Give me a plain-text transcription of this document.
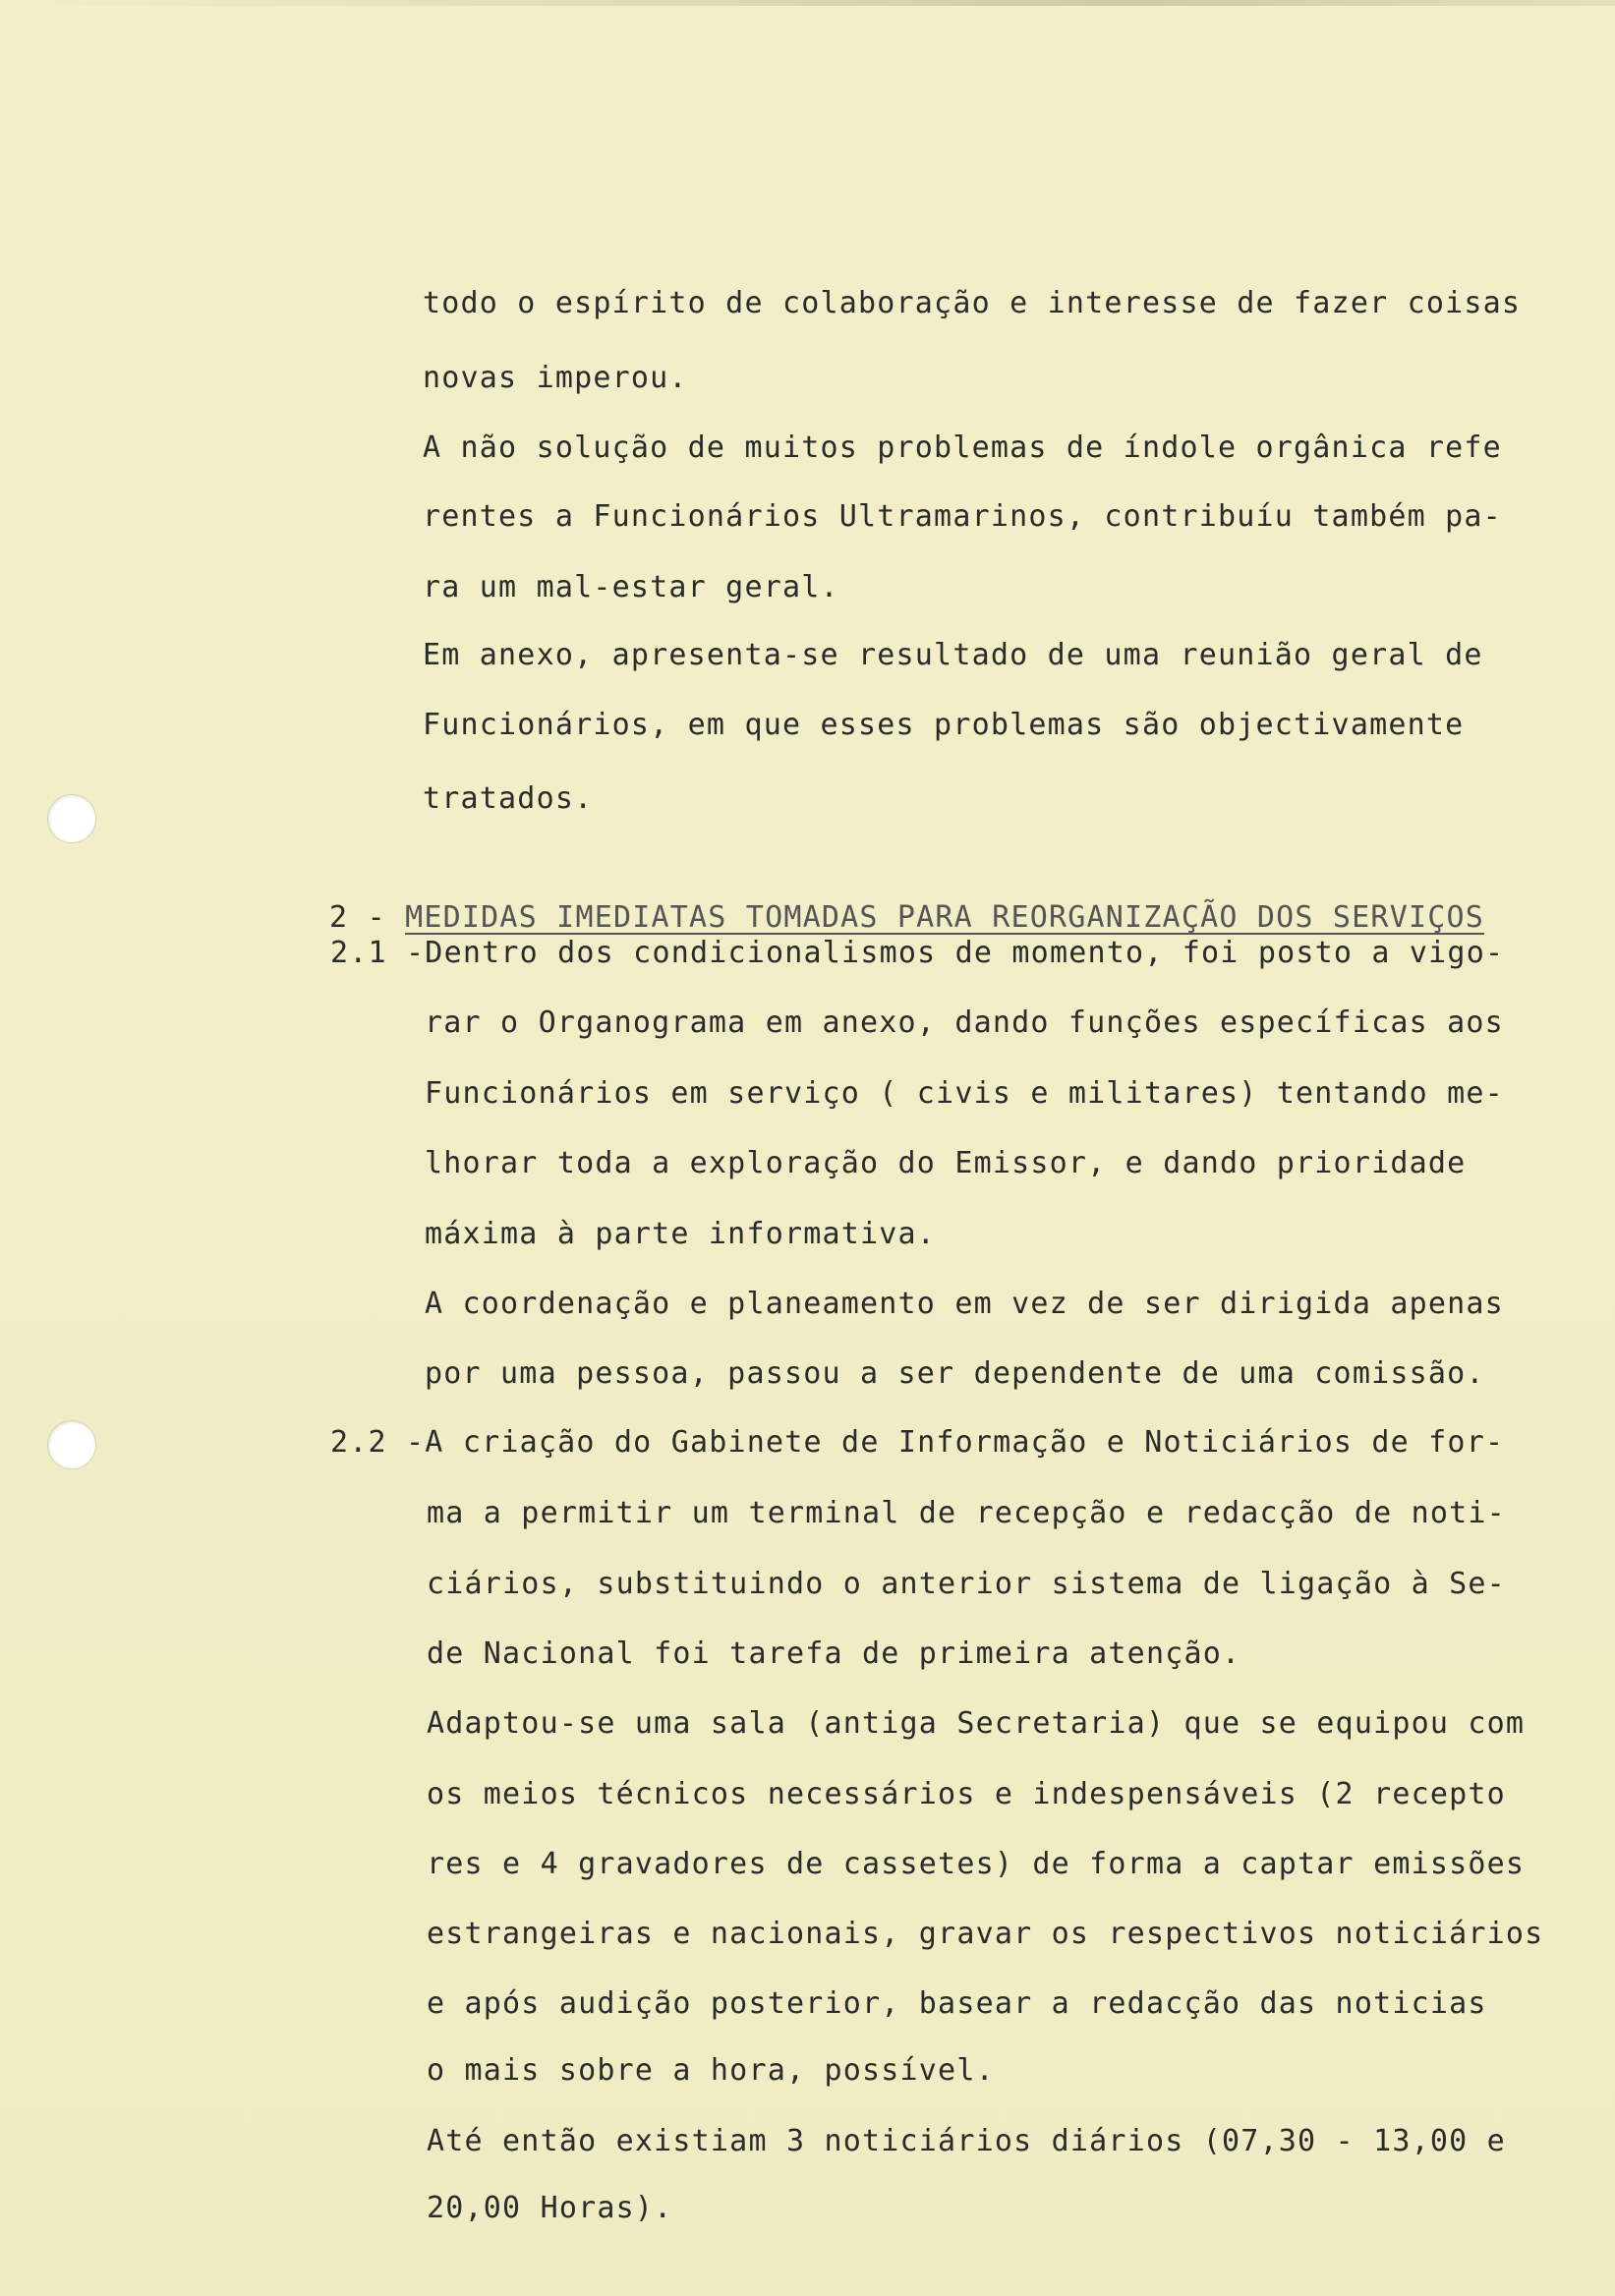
todo o espírito de colaboração e interesse de fazer coisas
novas imperou.
A não solução de muitos problemas de índole orgânica refe
rentes a Funcionários Ultramarinos, contribuíu também pa-
ra um mal-estar geral.
Em anexo, apresenta-se resultado de uma reunião geral de
Funcionários, em que esses problemas são objectivamente
tratados.

2 - MEDIDAS IMEDIATAS TOMADAS PARA REORGANIZAÇÃO DOS SERVIÇOS

2.1 -Dentro dos condicionalismos de momento, foi posto a vigo-
rar o Organograma em anexo, dando funções específicas aos
Funcionários em serviço ( civis e militares) tentando me-
lhorar toda a exploração do Emissor, e dando prioridade
máxima à parte informativa.
A coordenação e planeamento em vez de ser dirigida apenas
por uma pessoa, passou a ser dependente de uma comissão.
2.2 -A criação do Gabinete de Informação e Noticiários de for-
ma a permitir um terminal de recepção e redacção de noti-
ciários, substituindo o anterior sistema de ligação à Se-
de Nacional foi tarefa de primeira atenção.
Adaptou-se uma sala (antiga Secretaria) que se equipou com
os meios técnicos necessários e indespensáveis (2 recepto
res e 4 gravadores de cassetes) de forma a captar emissões
estrangeiras e nacionais, gravar os respectivos noticiários
e após audição posterior, basear a redacção das noticias
o mais sobre a hora, possível.
Até então existiam 3 noticiários diários (07,30 - 13,00 e
20,00 Horas).
